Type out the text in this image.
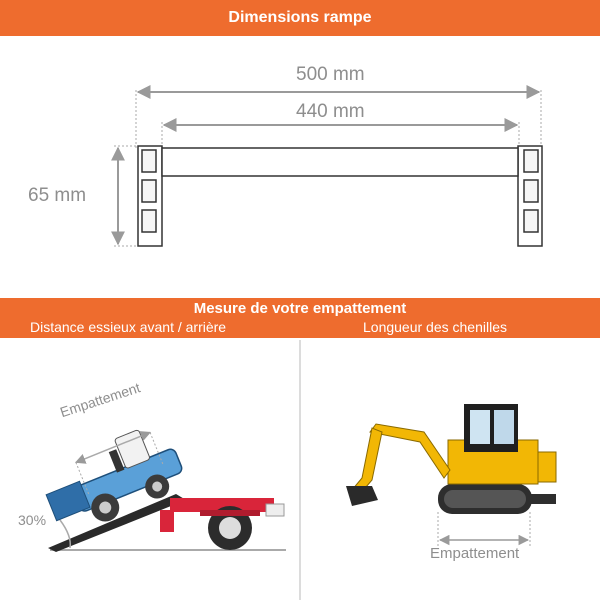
Dimensions rampe
500 mm
440 mm
65 mm
Mesure de votre empattement
Distance essieux avant / arrière	Longueur des chenilles
Empattement
30%
Empattement
